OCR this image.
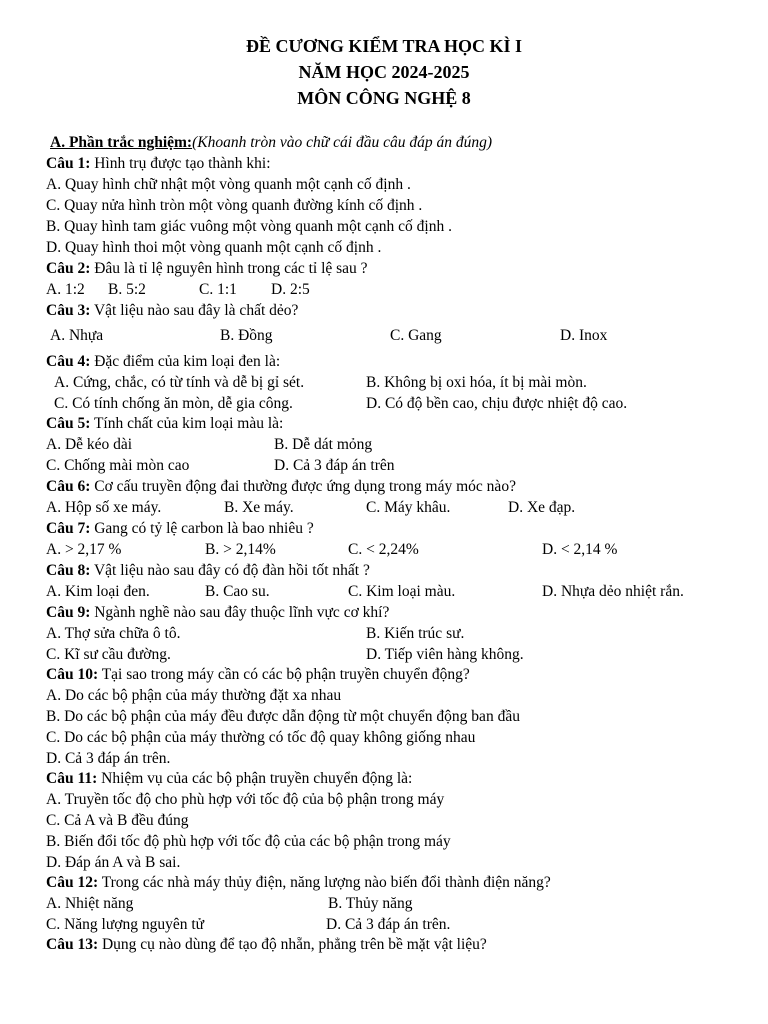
ĐỀ CƯƠNG KIỂM TRA HỌC KÌ I
NĂM HỌC 2024-2025
MÔN CÔNG NGHỆ 8
A. Phần trắc nghiệm:(Khoanh tròn vào chữ cái đầu câu đáp án đúng)
Câu 1: Hình trụ được tạo thành khi:
A. Quay hình chữ nhật một vòng quanh một cạnh cố định .
C. Quay nửa hình tròn một vòng quanh đường kính cố định .
B. Quay hình tam giác vuông một vòng quanh một cạnh cố định .
D. Quay hình thoi một vòng quanh một cạnh cố định .
Câu 2: Đâu là tỉ lệ nguyên hình trong các tỉ lệ sau ?
A. 1:2 B. 5:2	C. 1:1 D. 2:5
Câu 3: Vật liệu nào sau đây là chất dẻo?
A. Nhựa	B. Đồng	C. Gang	D. Inox
Câu 4: Đặc điểm của kim loại đen là:
A. Cứng, chắc, có từ tính và dễ bị gỉ sét.	B. Không bị oxi hóa, ít bị mài mòn.
C. Có tính chống ăn mòn, dễ gia công.	D. Có độ bền cao, chịu được nhiệt độ cao.
Câu 5: Tính chất của kim loại màu là:
A. Dễ kéo dài	B. Dễ dát mỏng
C. Chống mài mòn cao	D. Cả 3 đáp án trên
Câu 6: Cơ cấu truyền động đai thường được ứng dụng trong máy móc nào?
A. Hộp số xe máy.	B. Xe máy.	C. Máy khâu.	D. Xe đạp.
Câu 7: Gang có tỷ lệ carbon là bao nhiêu ?
A. > 2,17 %	B. > 2,14%	C. < 2,24%	D. < 2,14 %
Câu 8: Vật liệu nào sau đây có độ đàn hồi tốt nhất ?
A. Kim loại đen.	B. Cao su.	C. Kim loại màu.	D. Nhựa dẻo nhiệt rắn.
Câu 9: Ngành nghề nào sau đây thuộc lĩnh vực cơ khí?
A. Thợ sửa chữa ô tô.	B. Kiến trúc sư.
C. Kĩ sư cầu đường.	D. Tiếp viên hàng không.
Câu 10: Tại sao trong máy cần có các bộ phận truyền chuyển động?
A. Do các bộ phận của máy thường đặt xa nhau
B. Do các bộ phận của máy đều được dẫn động từ một chuyển động ban đầu
C. Do các bộ phận của máy thường có tốc độ quay không giống nhau
D. Cả 3 đáp án trên.
Câu 11: Nhiệm vụ của các bộ phận truyền chuyển động là:
A. Truyền tốc độ cho phù hợp với tốc độ của bộ phận trong máy
C. Cả A và B đều đúng
B. Biến đổi tốc độ phù hợp với tốc độ của các bộ phận trong máy
D. Đáp án A và B sai.
Câu 12: Trong các nhà máy thủy điện, năng lượng nào biến đổi thành điện năng?
A. Nhiệt năng	B. Thủy năng
C. Năng lượng nguyên tử	D. Cả 3 đáp án trên.
Câu 13: Dụng cụ nào dùng để tạo độ nhẵn, phẳng trên bề mặt vật liệu?
